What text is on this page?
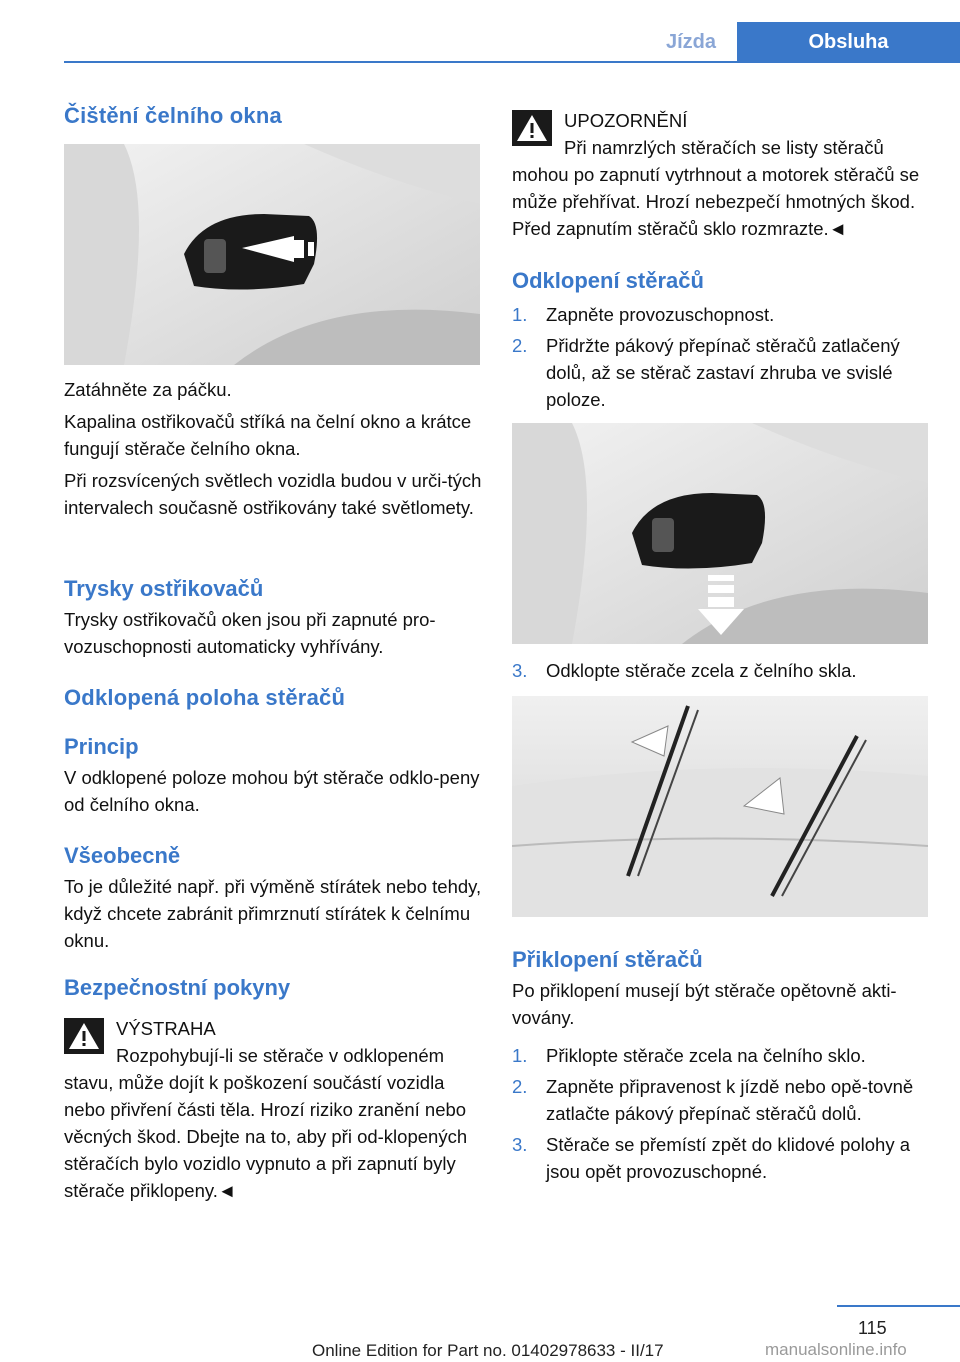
Jízda	Obsluha
Čištění čelního okna

Zatáhněte za páčku.

Kapalina ostřikovačů stříká na čelní okno a krátce fungují stěrače čelního okna.

Při rozsvícených světlech vozidla budou v urči-tých intervalech současně ostřikovány také světlomety.

Trysky ostřikovačů

Trysky ostřikovačů oken jsou při zapnuté pro-vozuschopnosti automaticky vyhřívány.

Odklopená poloha stěračů
Princip

V odklopené poloze mohou být stěrače odklo-peny od čelního okna.

Všeobecně

To je důležité např. při výměně stírátek nebo tehdy, když chcete zabránit přimrznutí stírátek k čelnímu oknu.

Bezpečnostní pokyny

VÝSTRAHA

Rozpohybují-li se stěrače v odklopeném stavu, může dojít k poškození součástí vozidla nebo přivření části těla. Hrozí riziko zranění nebo věcných škod. Dbejte na to, aby při od-klopených stěračích bylo vozidlo vypnuto a při zapnutí byly stěrače přiklopeny.◄

UPOZORNĚNÍ

Při namrzlých stěračích se listy stěračů mohou po zapnutí vytrhnout a motorek stěračů se může přehřívat. Hrozí nebezpečí hmotných škod. Před zapnutím stěračů sklo rozmrazte.◄

Odklopení stěračů
1. Zapněte provozuschopnost.
2. Přidržte pákový přepínač stěračů zatlačený dolů, až se stěrač zastaví zhruba ve svislé poloze.
3. Odklopte stěrače zcela z čelního skla.
Přiklopení stěračů

Po přiklopení musejí být stěrače opětovně akti-vovány.

1. Přiklopte stěrače zcela na čelního sklo.
2. Zapněte připravenost k jízdě nebo opě-tovně zatlačte pákový přepínač stěračů dolů.
3. Stěrače se přemístí zpět do klidové polohy a jsou opět provozuschopné.
115
Online Edition for Part no. 01402978633 - II/17	manualsonline.info
